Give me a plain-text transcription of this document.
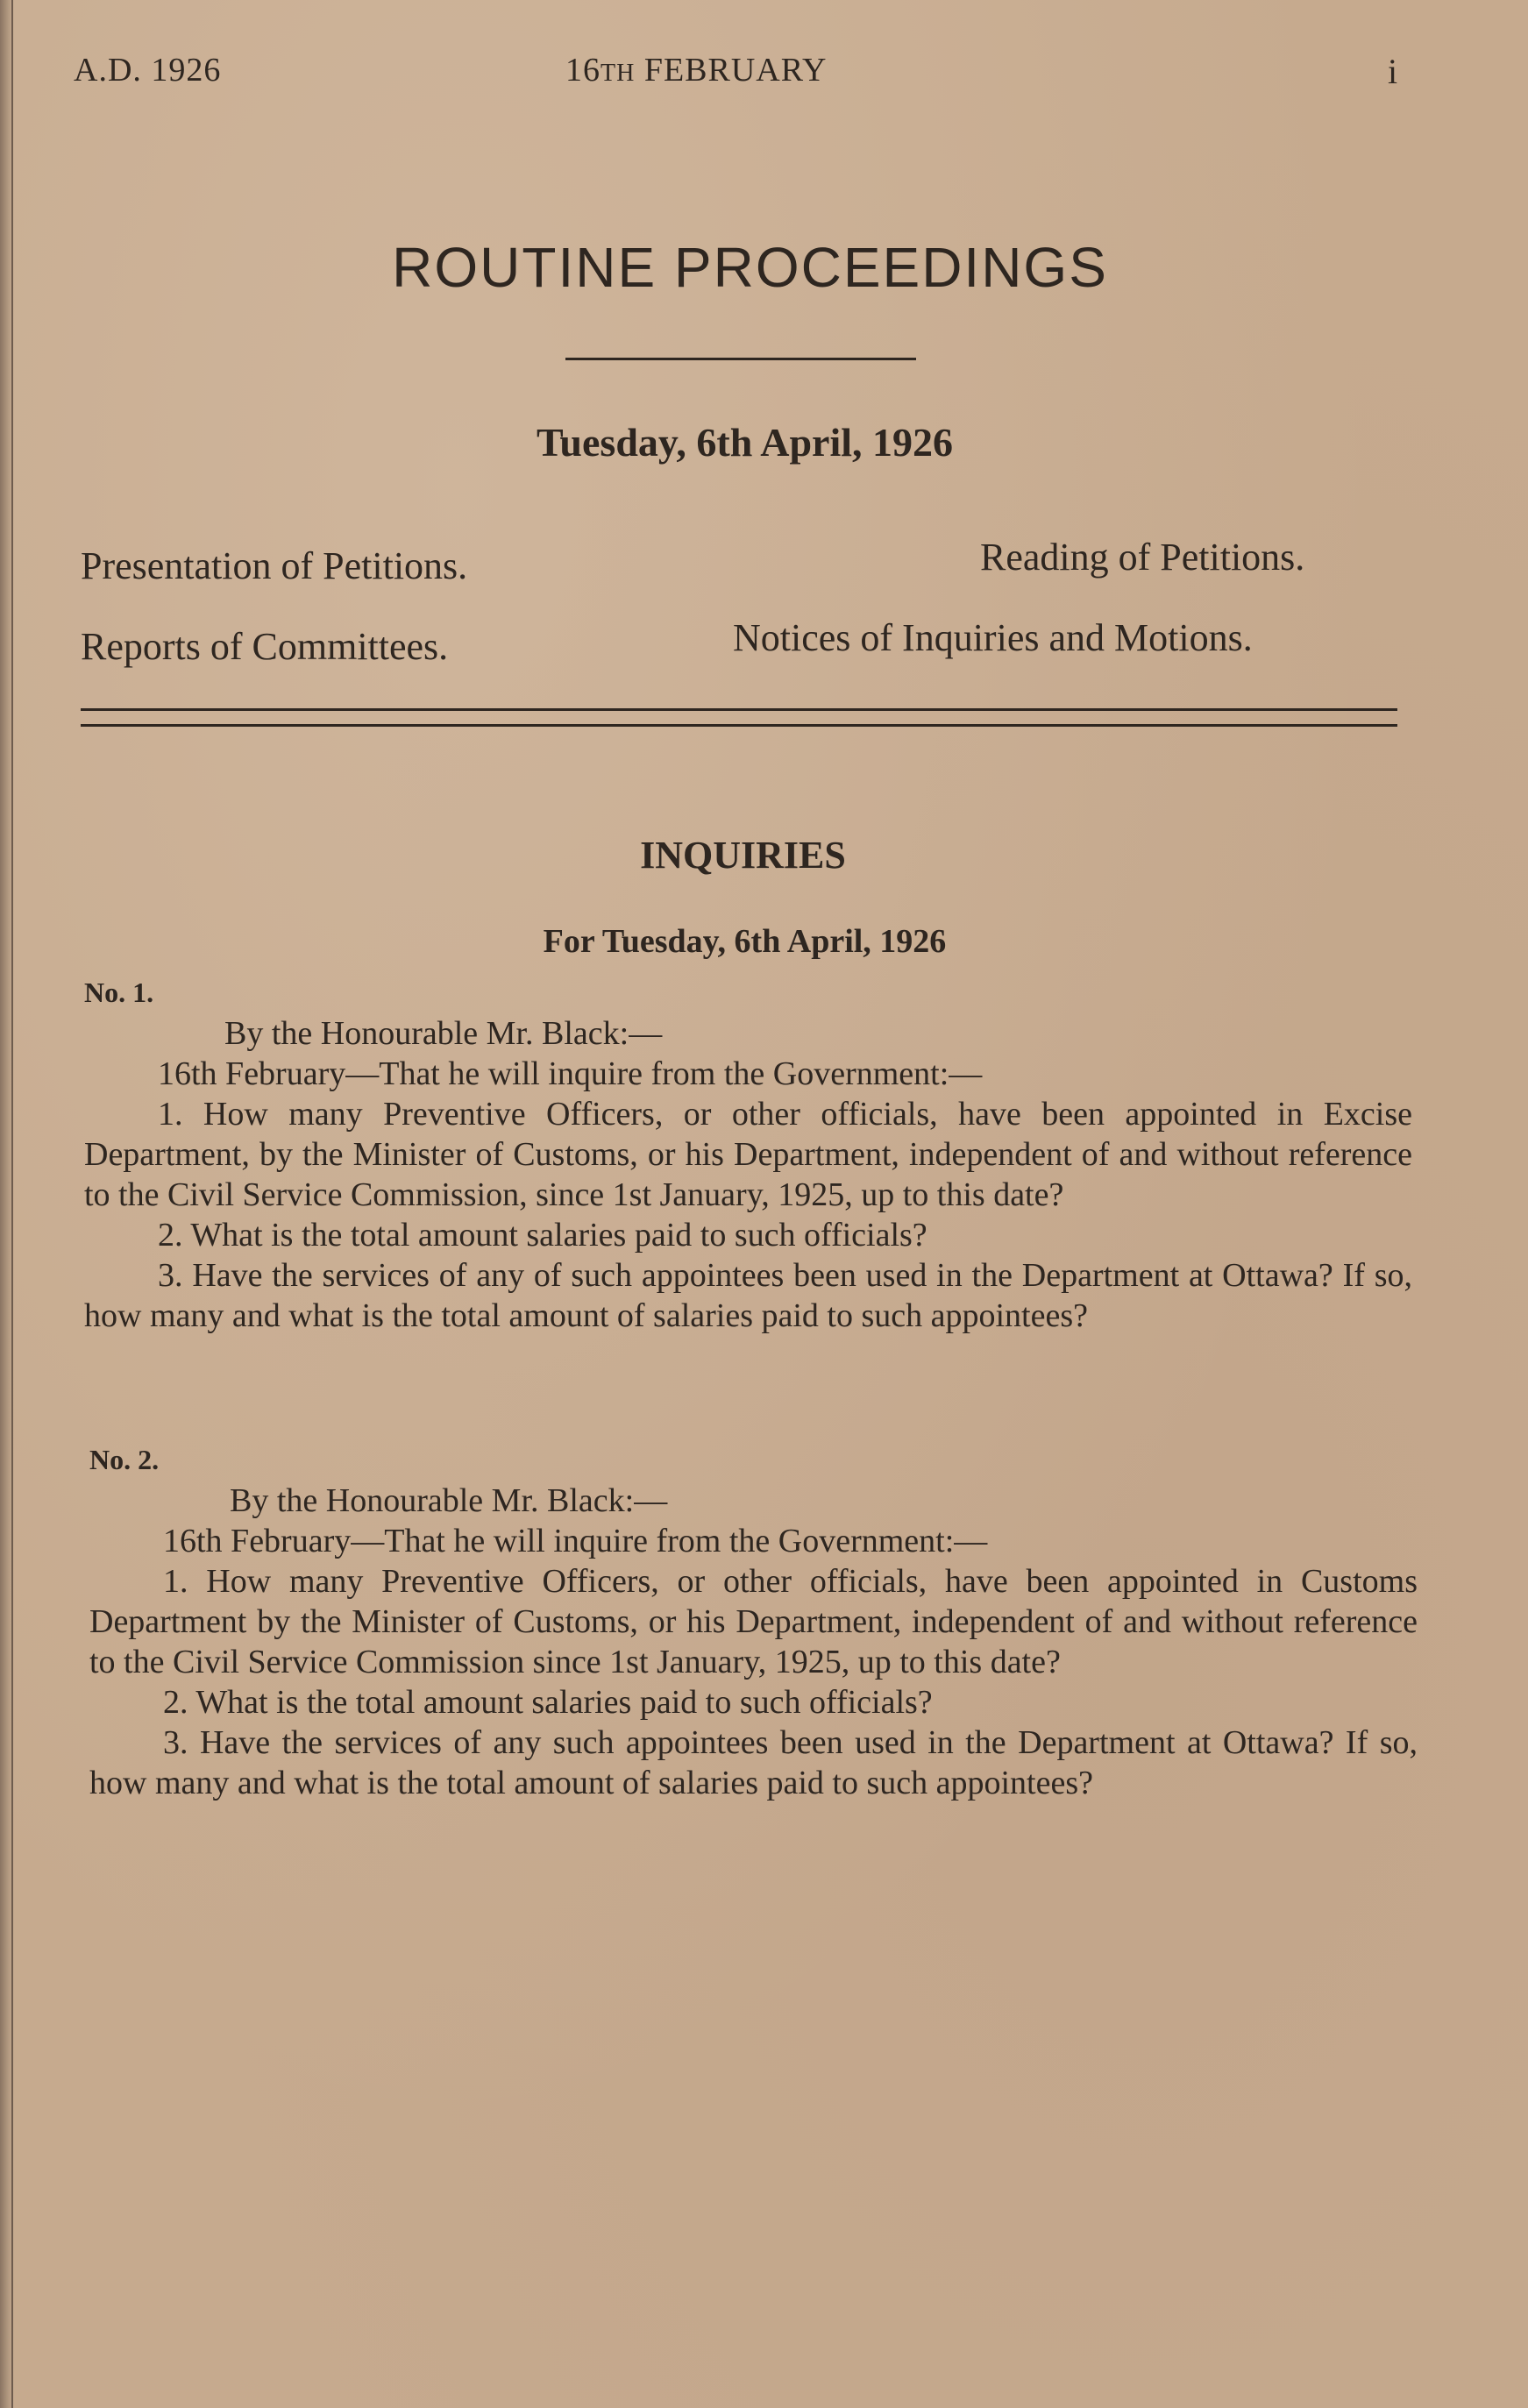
A.D. 1926	16TH FEBRUARY	i
ROUTINE PROCEEDINGS
Tuesday, 6th April, 1926
Presentation of Petitions.	Reading of Petitions.
Reports of Committees.	Notices of Inquiries and Motions.
INQUIRIES
For Tuesday, 6th April, 1926

No. 1.

By the Honourable Mr. Black:—

16th February—That he will inquire from the Government:—

1. How many Preventive Officers, or other officials, have been appointed in Excise Department, by the Minister of Customs, or his Department, independent of and without reference to the Civil Service Commission, since 1st January, 1925, up to this date?

2. What is the total amount salaries paid to such officials?

3. Have the services of any of such appointees been used in the Department at Ottawa? If so, how many and what is the total amount of salaries paid to such appointees?

No. 2.

By the Honourable Mr. Black:—

16th February—That he will inquire from the Government:—

1. How many Preventive Officers, or other officials, have been appointed in Customs Department by the Minister of Customs, or his Department, independent of and without reference to the Civil Service Commission since 1st January, 1925, up to this date?

2. What is the total amount salaries paid to such officials?

3. Have the services of any such appointees been used in the Department at Ottawa? If so, how many and what is the total amount of salaries paid to such appointees?
